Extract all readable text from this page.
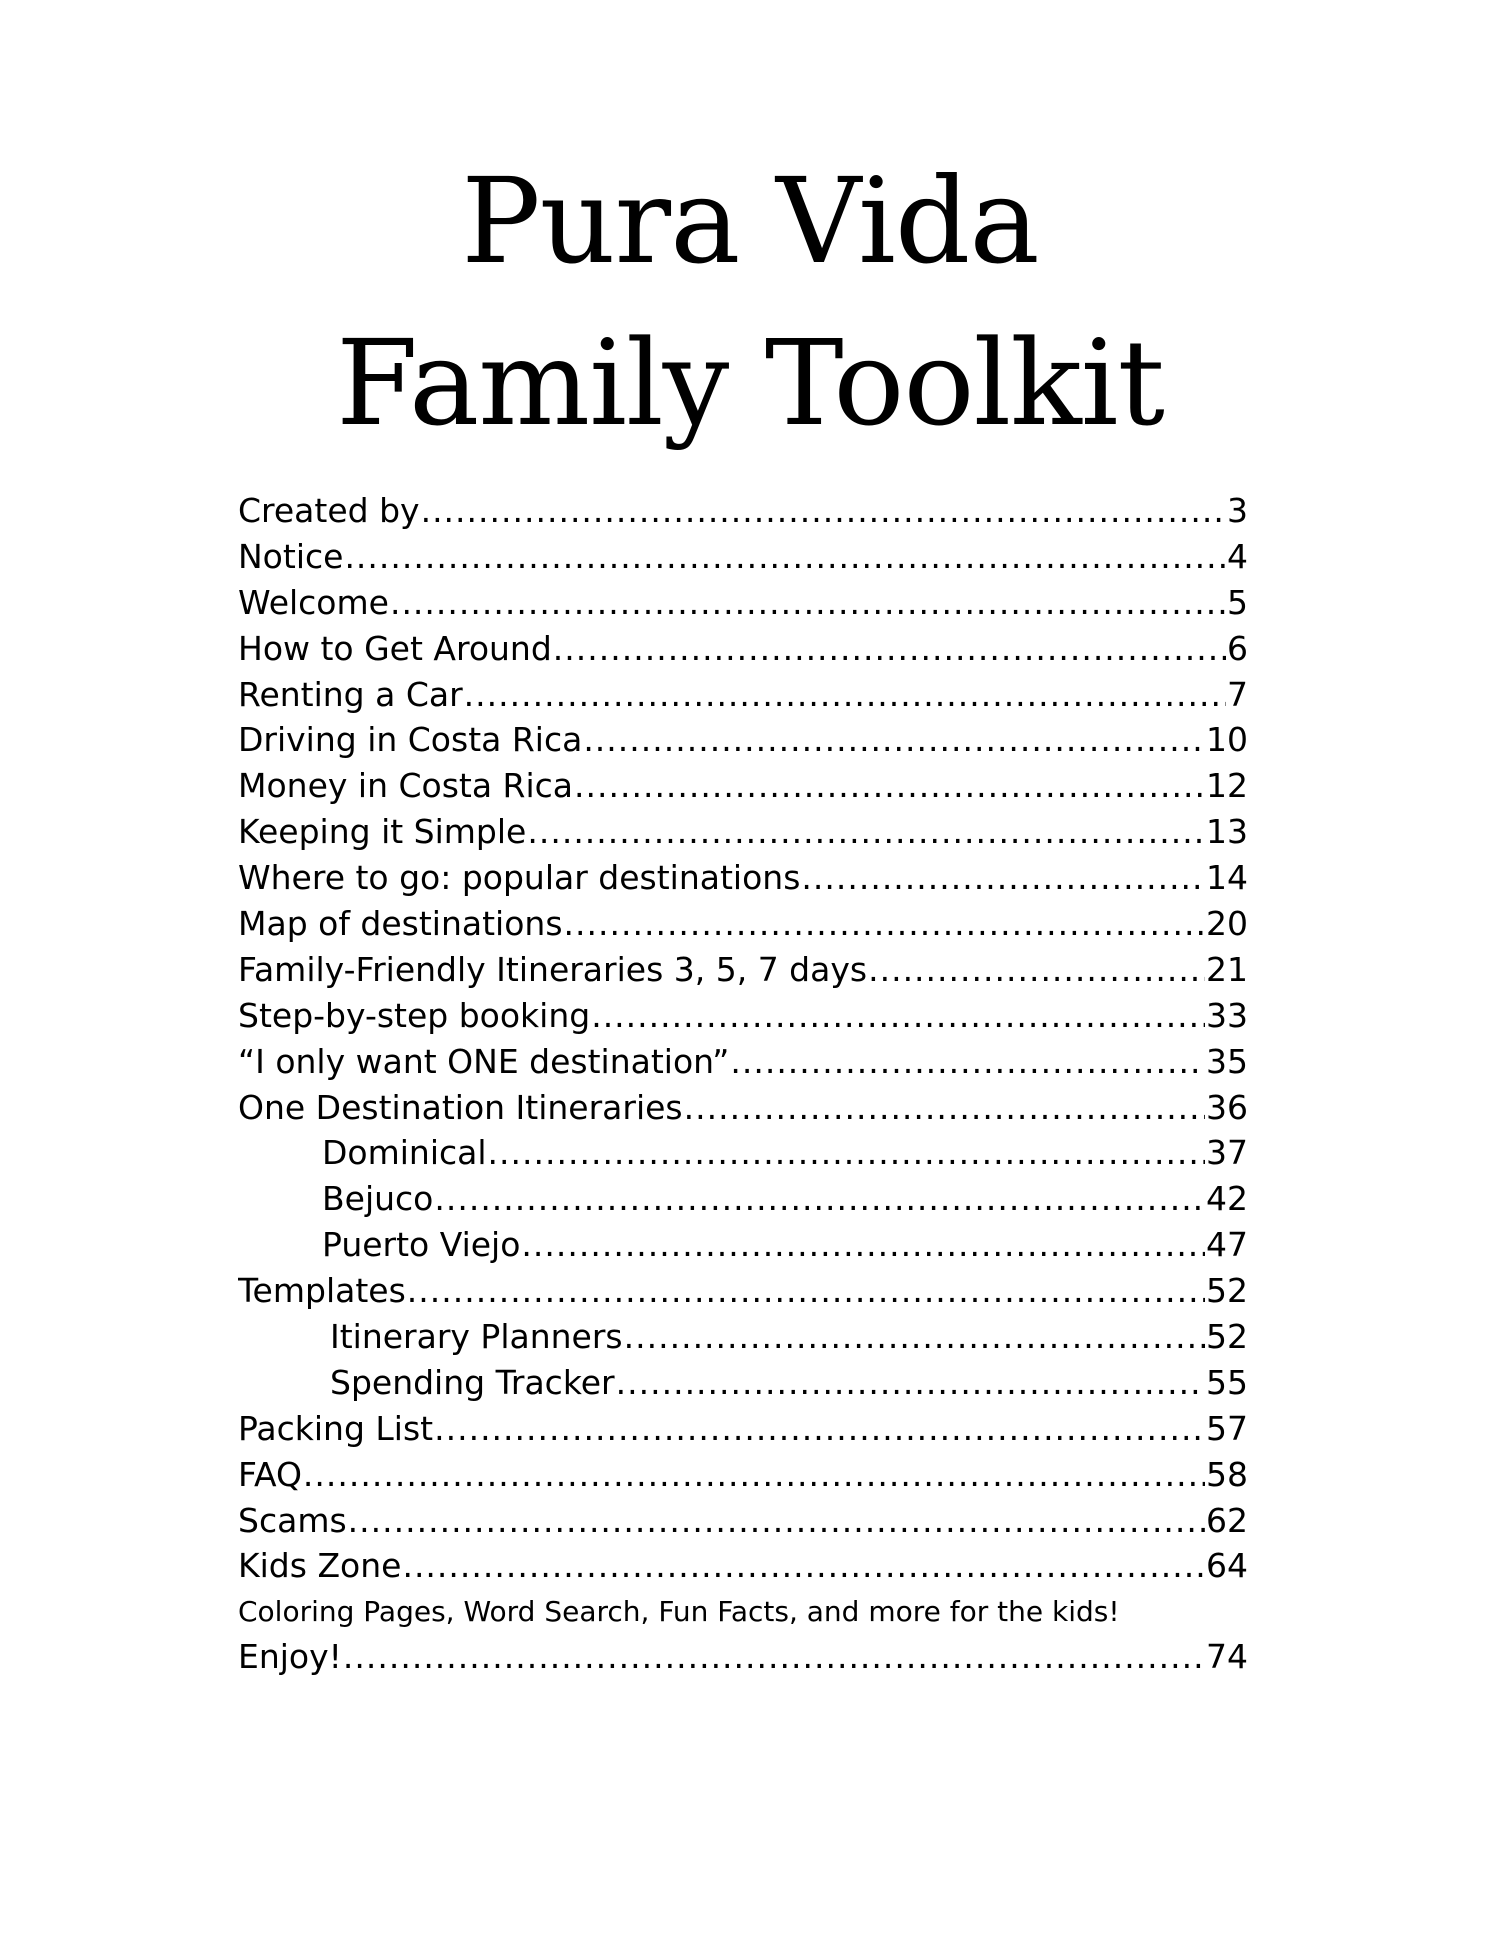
Pura Vida
Family Toolkit
Created by .....	3
Notice .....	4
Welcome .....	5
How to Get Around .....	6
Renting a Car .....	7
Driving in Costa Rica .....	10
Money in Costa Rica .....	12
Keeping it Simple .....	13
Where to go: popular destinations .....	14
Map of destinations .....	20
Family-Friendly Itineraries 3, 5, 7 days .....	21
Step-by-step booking .....	33
“I only want ONE destination” .....	35
One Destination Itineraries .....	36
Dominical .....	37
Bejuco .....	42
Puerto Viejo .....	47
Templates .....	52
Itinerary Planners .....	52
Spending Tracker .....	55
Packing List .....	57
FAQ .....	58
Scams .....	62
Kids Zone .....	64
Coloring Pages, Word Search, Fun Facts, and more for the kids!
Enjoy! .....	74
